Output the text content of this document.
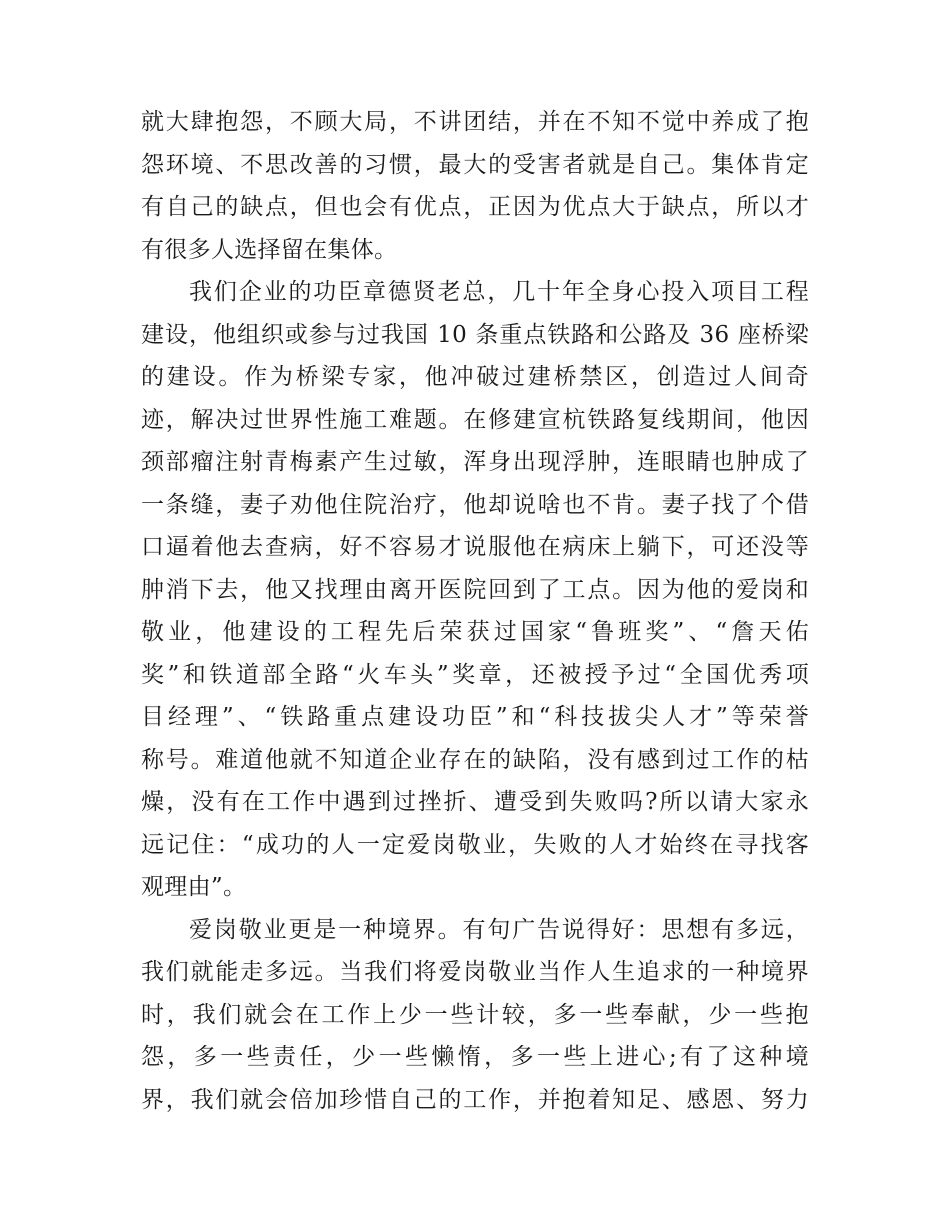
就大肆抱怨，不顾大局，不讲团结，并在不知不觉中养成了抱
怨环境、不思改善的习惯，最大的受害者就是自己。集体肯定
有自己的缺点，但也会有优点，正因为优点大于缺点，所以才
有很多人选择留在集体。
我们企业的功臣章德贤老总，几十年全身心投入项目工程
建设，他组织或参与过我国 10 条重点铁路和公路及 36 座桥梁
的建设。作为桥梁专家，他冲破过建桥禁区，创造过人间奇
迹，解决过世界性施工难题。在修建宣杭铁路复线期间，他因
颈部瘤注射青梅素产生过敏，浑身出现浮肿，连眼睛也肿成了
一条缝，妻子劝他住院治疗，他却说啥也不肯。妻子找了个借
口逼着他去查病，好不容易才说服他在病床上躺下，可还没等
肿消下去，他又找理由离开医院回到了工点。因为他的爱岗和
敬业，他建设的工程先后荣获过国家“鲁班奖”、“詹天佑
奖”和铁道部全路“火车头”奖章，还被授予过“全国优秀项
目经理”、“铁路重点建设功臣”和“科技拔尖人才”等荣誉
称号。难道他就不知道企业存在的缺陷，没有感到过工作的枯
燥，没有在工作中遇到过挫折、遭受到失败吗?所以请大家永
远记住：“成功的人一定爱岗敬业，失败的人才始终在寻找客
观理由”。
爱岗敬业更是一种境界。有句广告说得好：思想有多远，
我们就能走多远。当我们将爱岗敬业当作人生追求的一种境界
时，我们就会在工作上少一些计较，多一些奉献，少一些抱
怨，多一些责任，少一些懒惰，多一些上进心;有了这种境
界，我们就会倍加珍惜自己的工作，并抱着知足、感恩、努力
